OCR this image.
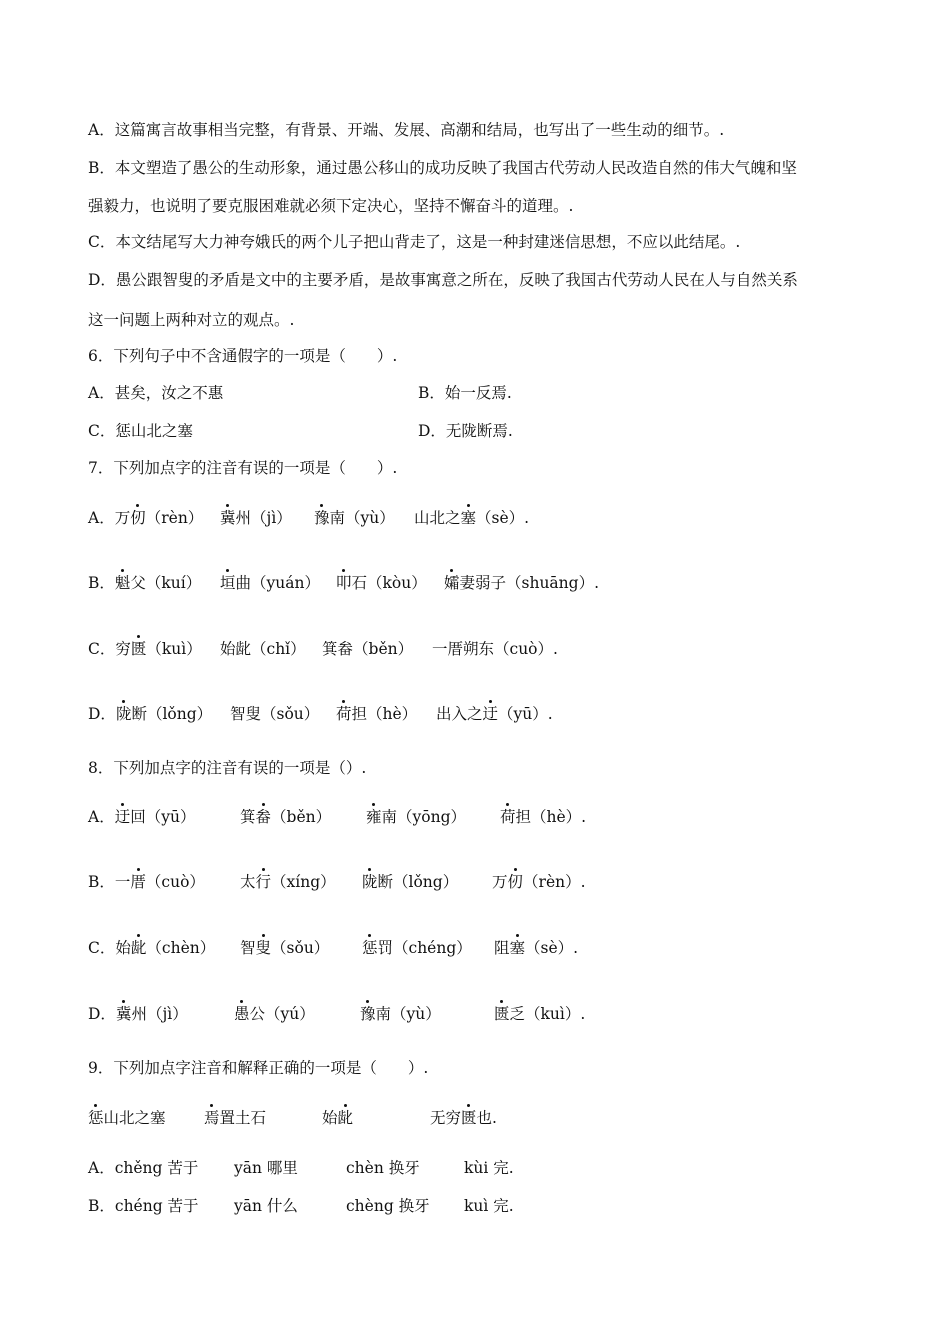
A．这篇寓言故事相当完整，有背景、开端、发展、高潮和结局，也写出了一些生动的细节。.
B．本文塑造了愚公的生动形象，通过愚公移山的成功反映了我国古代劳动人民改造自然的伟大气魄和坚
强毅力，也说明了要克服困难就必须下定决心，坚持不懈奋斗的道理。.
C．本文结尾写大力神夸娥氏的两个儿子把山背走了，这是一种封建迷信思想，不应以此结尾。.
D．愚公跟智叟的矛盾是文中的主要矛盾，是故事寓意之所在，反映了我国古代劳动人民在人与自然关系
这一问题上两种对立的观点。.
6．下列句子中不含通假字的一项是（　　）.
A．甚矣，汝之不惠	B．始一反焉.
C．惩山北之塞	D．无陇断焉.
7．下列加点字的注音有误的一项是（　　）.
A．万仞（rèn） 冀州（jì） 豫南（yù） 山北之塞（sè）.
B．魁父（kuí） 垣曲（yuán） 叩石（kòu） 孀妻弱子（shuāng）.
C．穷匮（kuì） 始龀（chǐ） 箕畚（běn） 一厝朔东（cuò）.
D．陇断（lǒng） 智叟（sǒu） 荷担（hè） 出入之迂（yū）.
8．下列加点字的注音有误的一项是（）.
A．迂回（yū）	箕畚（běn） 雍南（yōng） 荷担（hè）.
B．一厝（cuò） 太行（xíng） 陇断（lǒng） 万仞（rèn）.
C．始龀（chèn） 智叟（sǒu） 惩罚（chéng） 阻塞（sè）.
D．冀州（jì）	愚公（yú）	豫南（yù）	匮乏（kuì）.
9．下列加点字注音和解释正确的一项是（　　）.
惩山北之塞 焉置土石	始龀	无穷匮也.
A．chěng 苦于 yān 哪里	chèn 换牙	kùi 完.
B．chéng 苦于 yān 什么	chèng 换牙 kuì 完.
